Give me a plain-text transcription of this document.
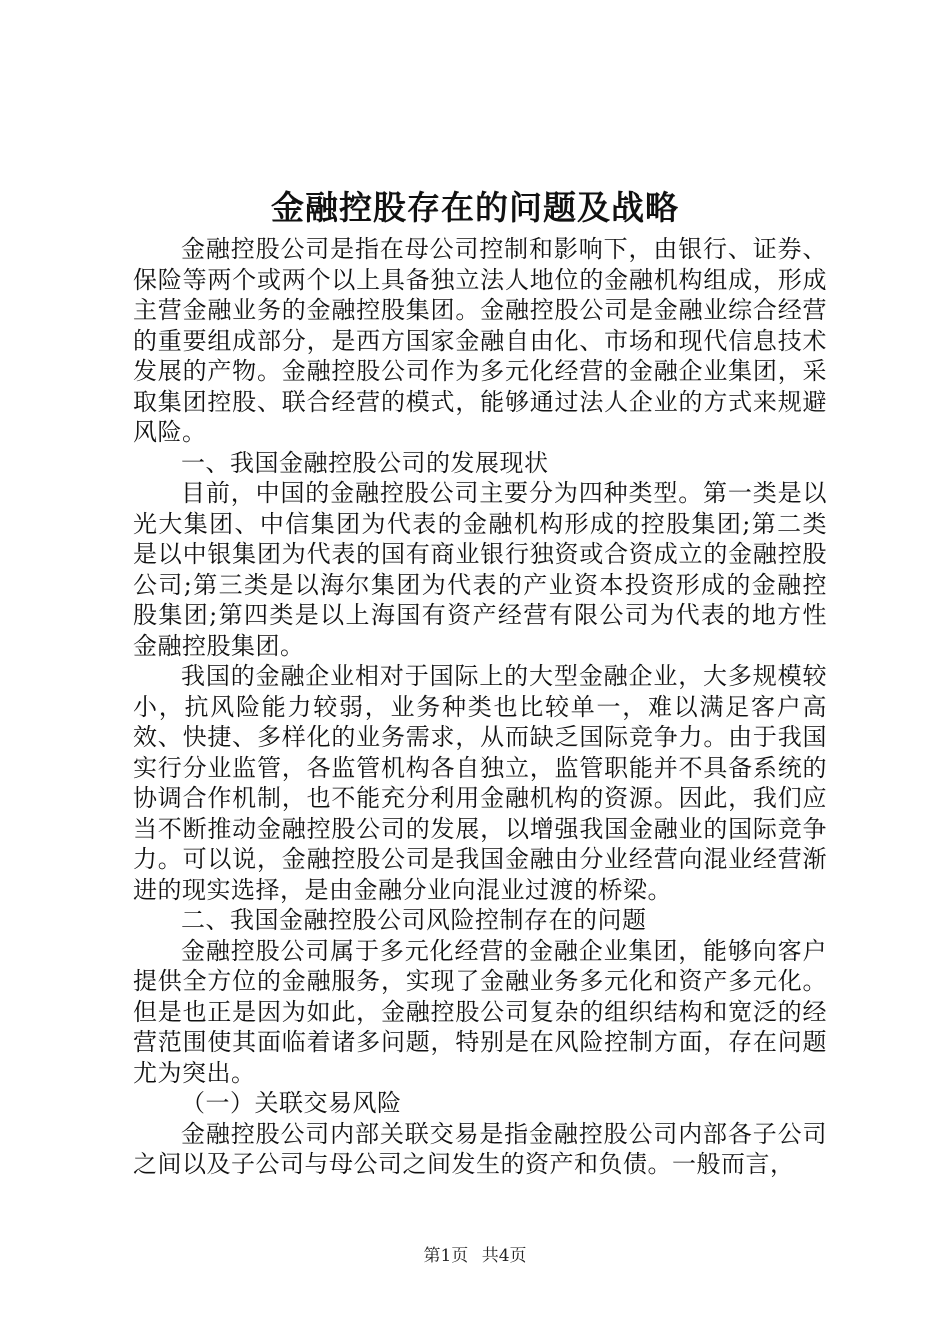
金融控股存在的问题及战略

金融控股公司是指在母公司控制和影响下，由银行、证券、保险等两个或两个以上具备独立法人地位的金融机构组成，形成主营金融业务的金融控股集团。金融控股公司是金融业综合经营的重要组成部分，是西方国家金融自由化、市场和现代信息技术发展的产物。金融控股公司作为多元化经营的金融企业集团，采取集团控股、联合经营的模式，能够通过法人企业的方式来规避风险。

一、我国金融控股公司的发展现状

目前，中国的金融控股公司主要分为四种类型。第一类是以光大集团、中信集团为代表的金融机构形成的控股集团;第二类是以中银集团为代表的国有商业银行独资或合资成立的金融控股公司;第三类是以海尔集团为代表的产业资本投资形成的金融控股集团;第四类是以上海国有资产经营有限公司为代表的地方性金融控股集团。

我国的金融企业相对于国际上的大型金融企业，大多规模较小，抗风险能力较弱，业务种类也比较单一，难以满足客户高效、快捷、多样化的业务需求，从而缺乏国际竞争力。由于我国实行分业监管，各监管机构各自独立，监管职能并不具备系统的协调合作机制，也不能充分利用金融机构的资源。因此，我们应当不断推动金融控股公司的发展，以增强我国金融业的国际竞争力。可以说，金融控股公司是我国金融由分业经营向混业经营渐进的现实选择，是由金融分业向混业过渡的桥梁。

二、我国金融控股公司风险控制存在的问题

金融控股公司属于多元化经营的金融企业集团，能够向客户提供全方位的金融服务，实现了金融业务多元化和资产多元化。但是也正是因为如此，金融控股公司复杂的组织结构和宽泛的经营范围使其面临着诸多问题，特别是在风险控制方面，存在问题尤为突出。

（一）关联交易风险

金融控股公司内部关联交易是指金融控股公司内部各子公司之间以及子公司与母公司之间发生的资产和负债。一般而言，

第1页 共4页
